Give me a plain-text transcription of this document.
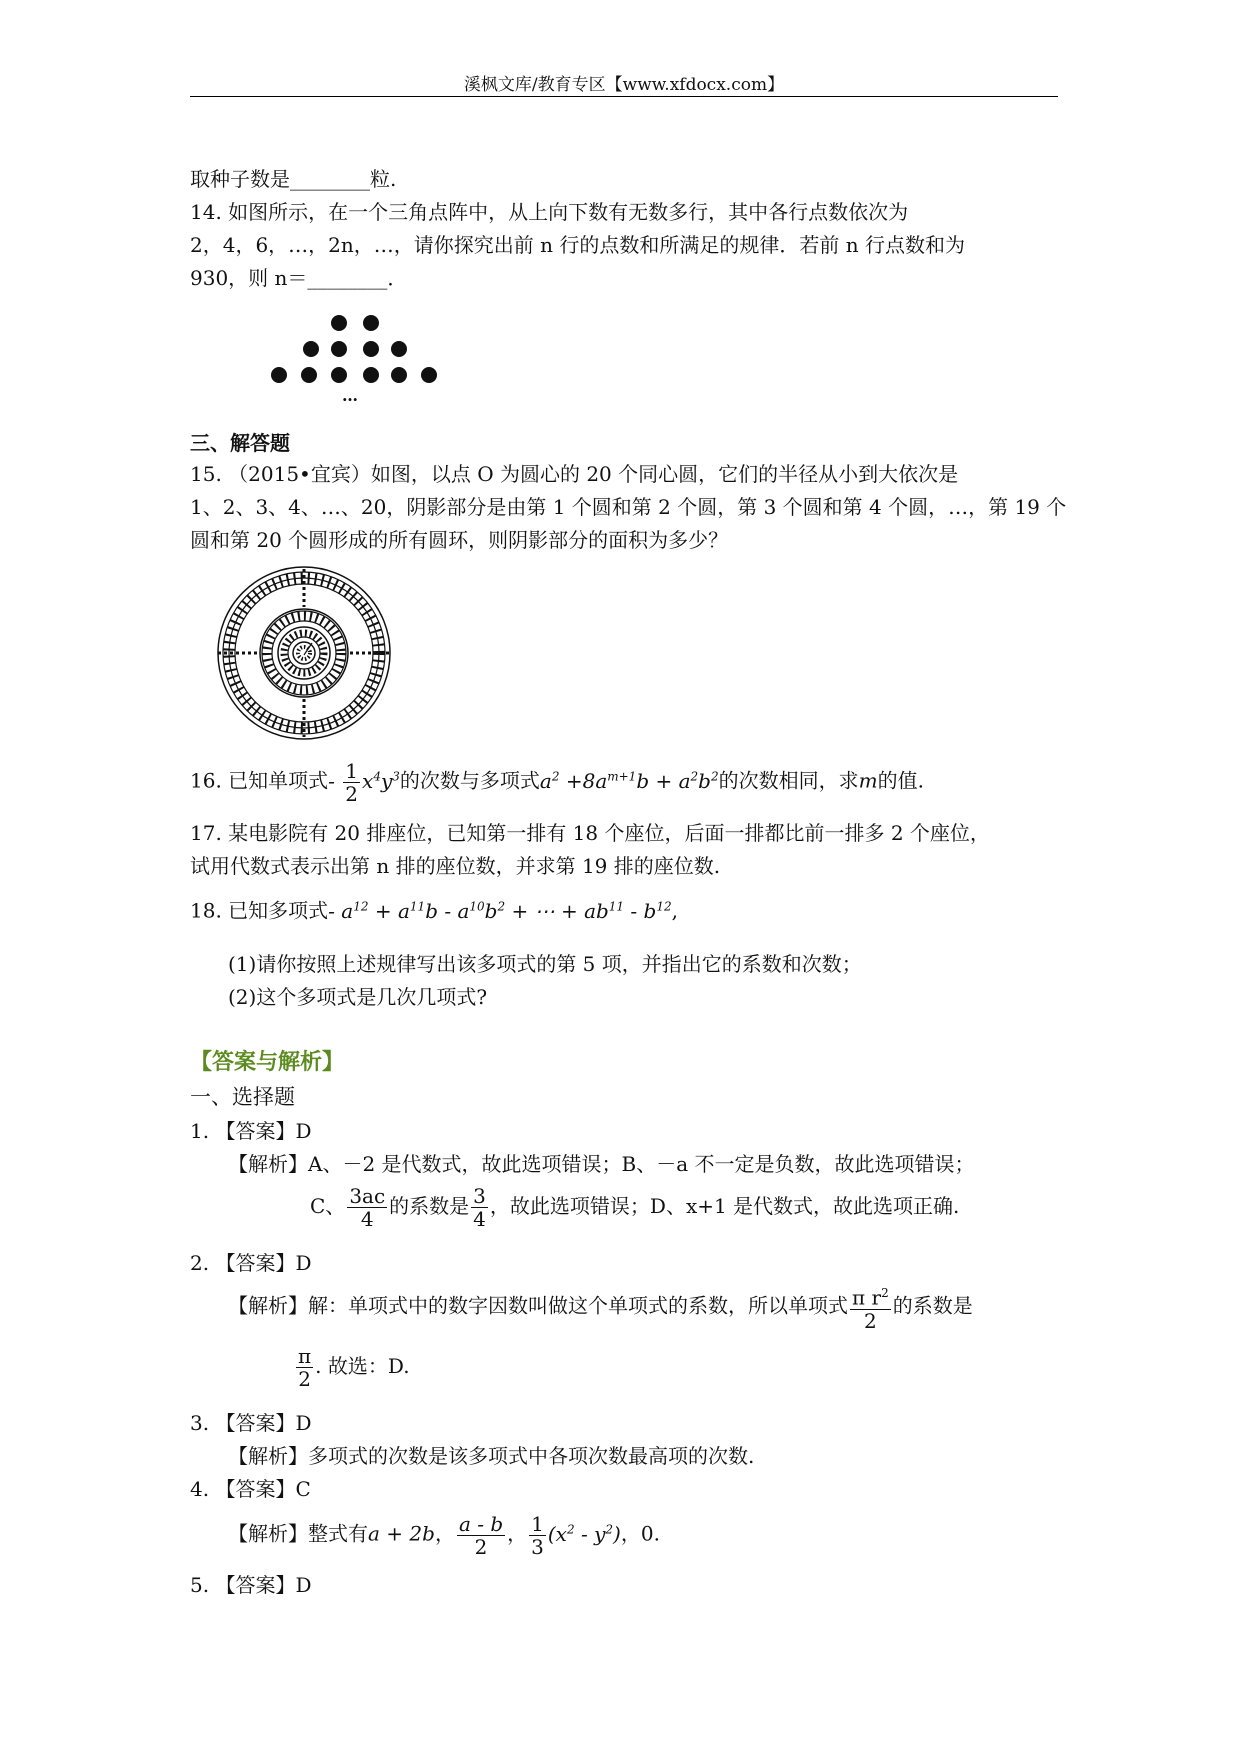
溪枫文库/教育专区【www.xfdocx.com】
取种子数是________粒.
14. 如图所示，在一个三角点阵中，从上向下数有无数多行，其中各行点数依次为
2，4，6，…，2n，…，请你探究出前 n 行的点数和所满足的规律．若前 n 行点数和为
930，则 n＝________．
…
三、解答题
15. （2015•宜宾）如图，以点 O 为圆心的 20 个同心圆，它们的半径从小到大依次是
1、2、3、4、…、20，阴影部分是由第 1 个圆和第 2 个圆，第 3 个圆和第 4 个圆，…，第 19 个
圆和第 20 个圆形成的所有圆环，则阴影部分的面积为多少？
16. 已知单项式- $\frac{1}{2} x^4y^3$的次数与多项式$a^2 +8a^{m+1}b + a^2b^2$的次数相同，求m的值.
17. 某电影院有 20 排座位，已知第一排有 18 个座位，后面一排都比前一排多 2 个座位，
试用代数式表示出第 n 排的座位数，并求第 19 排的座位数.
18. 已知多项式- $a^{12} + a^{11}b - a^{10}b^2$ + ⋯ + $ab^{11} - b^{12}$,
(1)请你按照上述规律写出该多项式的第 5 项，并指出它的系数和次数；
(2)这个多项式是几次几项式?
【答案与解析】
一、选择题
1. 【答案】D
【解析】A、－2 是代数式，故此选项错误；B、－a 不一定是负数，故此选项错误；
C、 $\frac{3ac}{4}$ 的系数是 $\frac{3}{4}$ ，故此选项错误；D、x+1 是代数式，故此选项正确.
2. 【答案】D
【解析】解：单项式中的数字因数叫做这个单项式的系数，所以单项式 $\frac{\pi r^2}{2}$ 的系数是
$\frac{\pi}{2}$ . 故选：D.
3. 【答案】D
【解析】多项式的次数是该多项式中各项次数最高项的次数.
4. 【答案】C
【解析】整式有a + 2b， $\frac{a - b}{2}$ ， $\frac{1}{3} (x^2 - y^2)$，0.
5. 【答案】D
